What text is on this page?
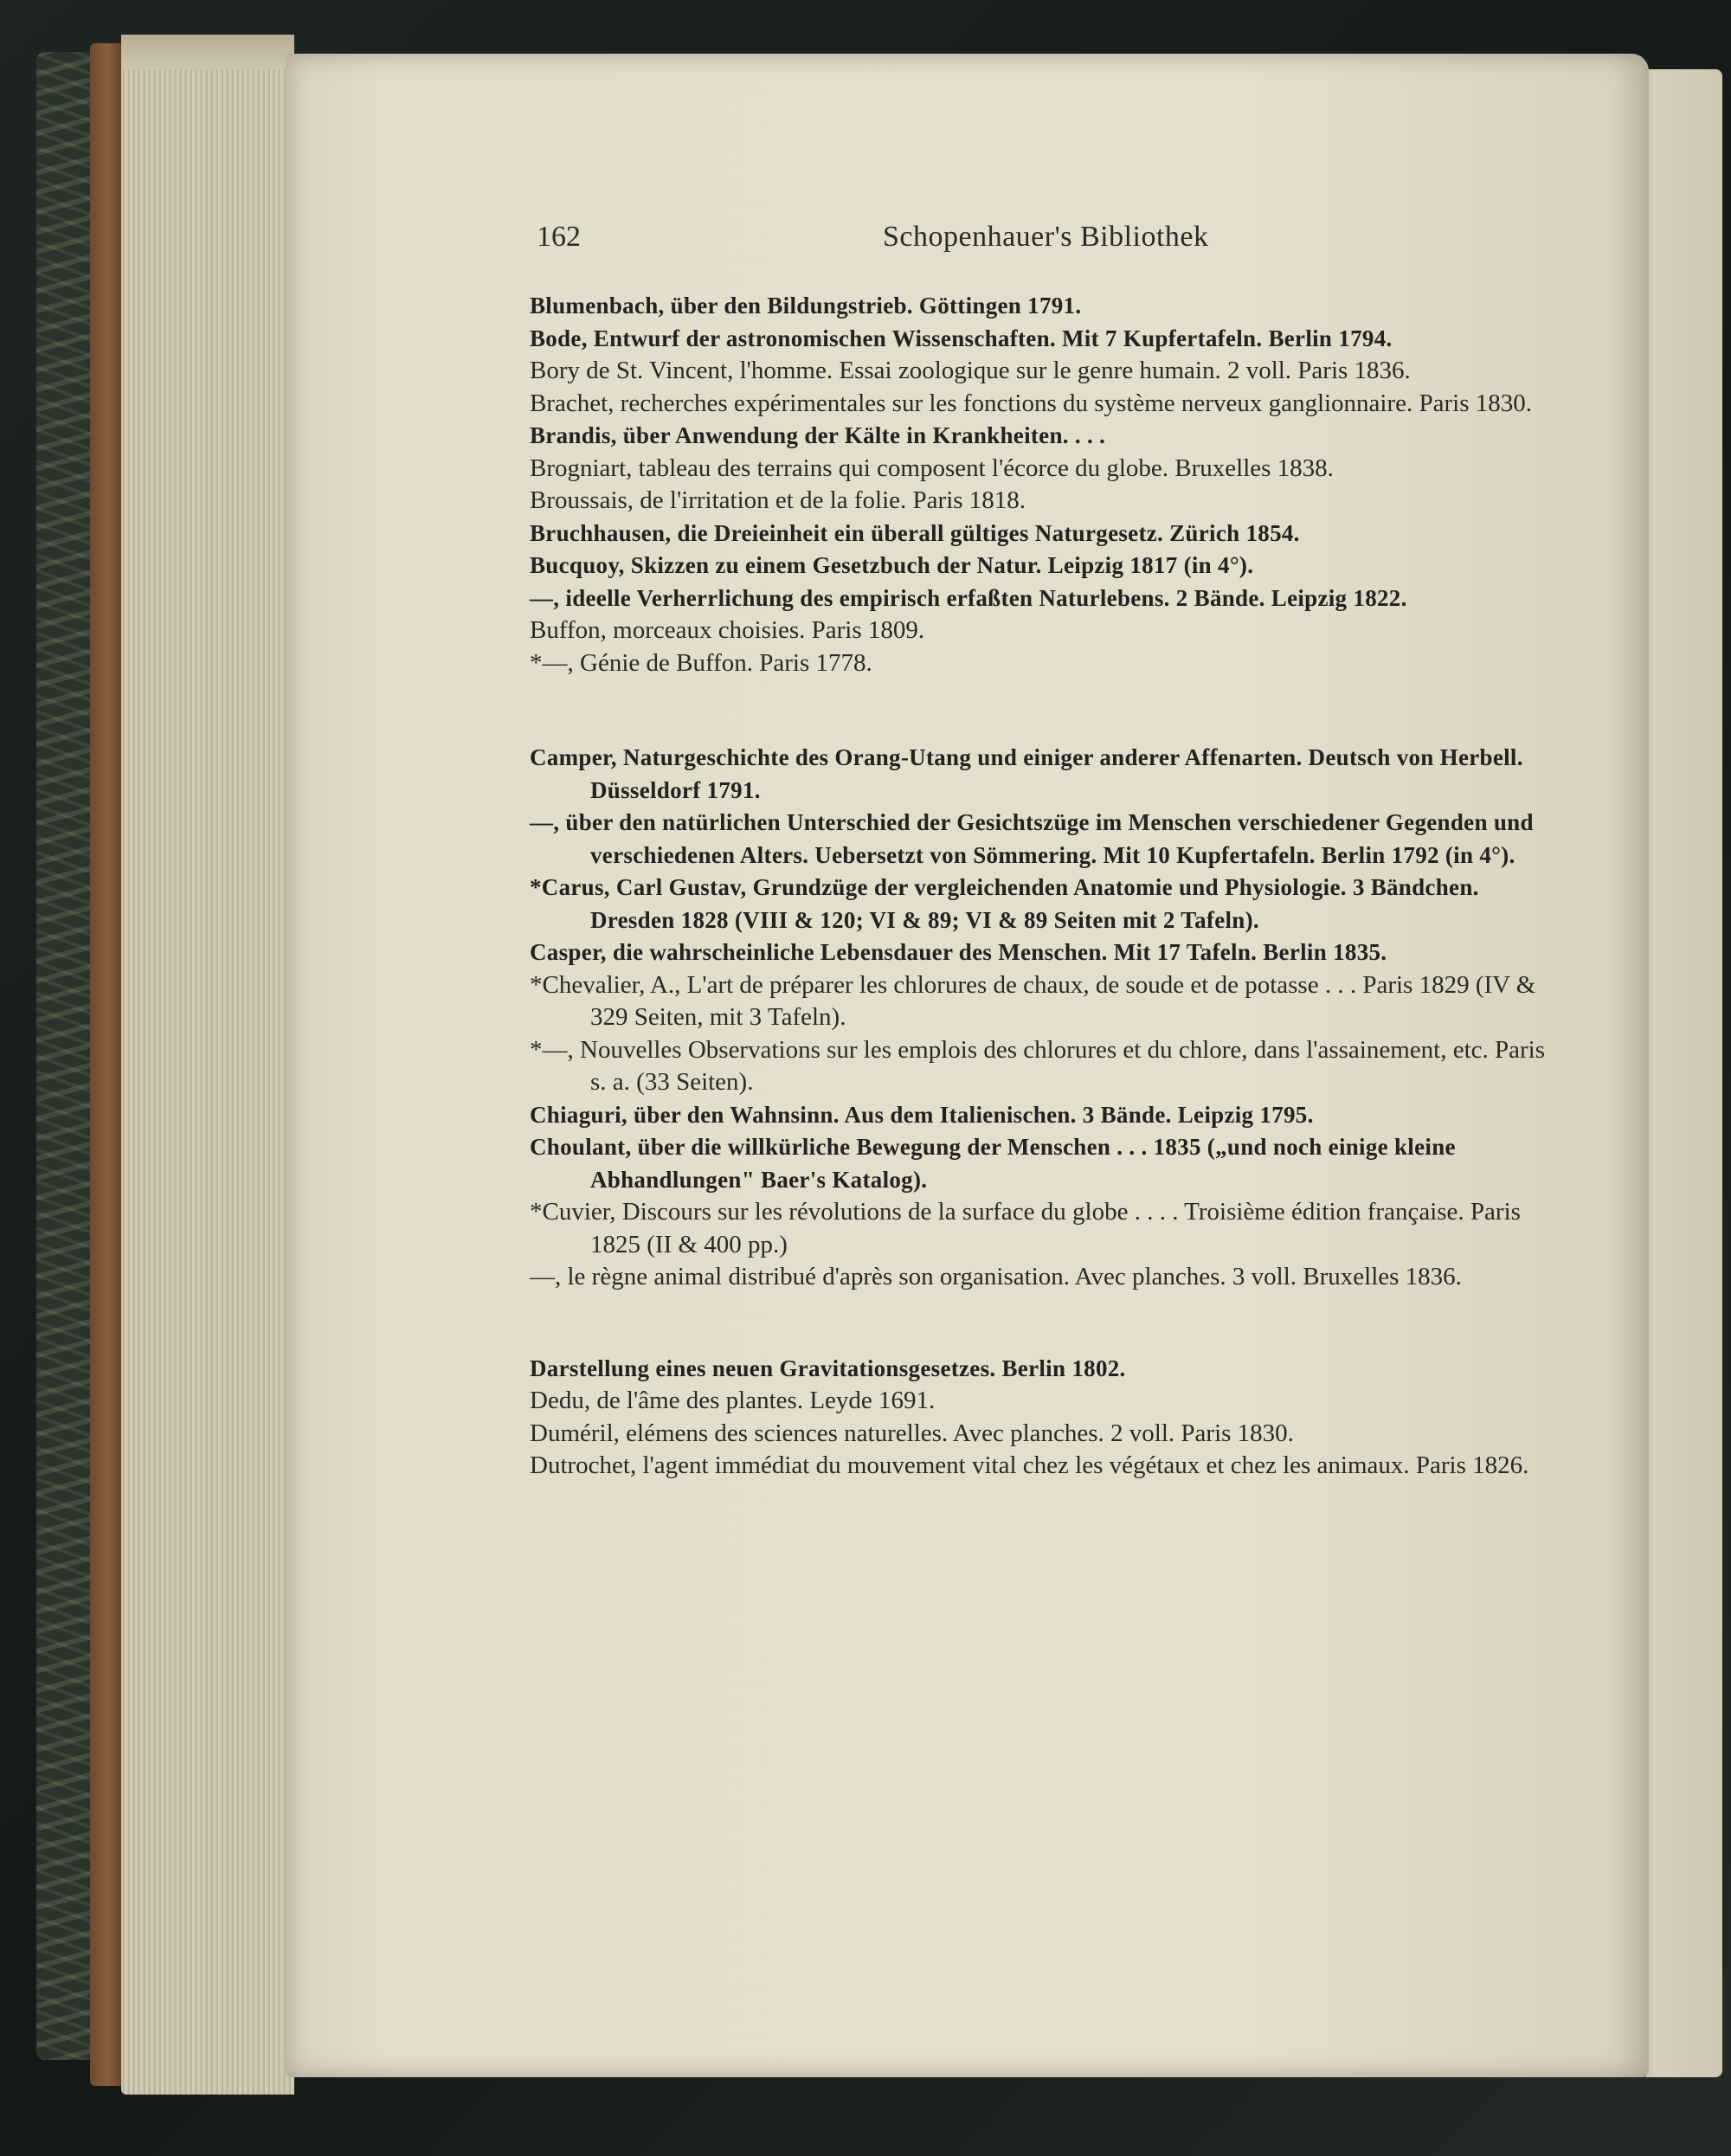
162	Schopenhauer's Bibliothek

Blumenbach, über den Bildungstrieb. Göttingen 1791.

Bode, Entwurf der astronomischen Wissenschaften. Mit 7 Kupfertafeln. Berlin 1794.

Bory de St. Vincent, l'homme. Essai zoologique sur le genre humain. 2 voll. Paris 1836.

Brachet, recherches expérimentales sur les fonctions du système nerveux ganglionnaire. Paris 1830.

Brandis, über Anwendung der Kälte in Krankheiten. . . .

Brogniart, tableau des terrains qui composent l'écorce du globe. Bruxelles 1838.

Broussais, de l'irritation et de la folie. Paris 1818.

Bruchhausen, die Dreieinheit ein überall gültiges Naturgesetz. Zürich 1854.

Bucquoy, Skizzen zu einem Gesetzbuch der Natur. Leipzig 1817 (in 4°).

—, ideelle Verherrlichung des empirisch erfaßten Naturlebens. 2 Bände. Leipzig 1822.

Buffon, morceaux choisies. Paris 1809.

*—, Génie de Buffon. Paris 1778.

Camper, Naturgeschichte des Orang-Utang und einiger anderer Affenarten. Deutsch von Herbell. Düsseldorf 1791.

—, über den natürlichen Unterschied der Gesichtszüge im Menschen verschiedener Gegenden und verschiedenen Alters. Uebersetzt von Sömmering. Mit 10 Kupfertafeln. Berlin 1792 (in 4°).

*Carus, Carl Gustav, Grundzüge der vergleichenden Anatomie und Physiologie. 3 Bändchen. Dresden 1828 (VIII & 120; VI & 89; VI & 89 Seiten mit 2 Tafeln).

Casper, die wahrscheinliche Lebensdauer des Menschen. Mit 17 Tafeln. Berlin 1835.

*Chevalier, A., L'art de préparer les chlorures de chaux, de soude et de potasse . . . Paris 1829 (IV & 329 Seiten, mit 3 Tafeln).

*—, Nouvelles Observations sur les emplois des chlorures et du chlore, dans l'assainement, etc. Paris s. a. (33 Seiten).

Chiaguri, über den Wahnsinn. Aus dem Italienischen. 3 Bände. Leipzig 1795.

Choulant, über die willkürliche Bewegung der Menschen . . . 1835 („und noch einige kleine Abhandlungen" Baer's Katalog).

*Cuvier, Discours sur les révolutions de la surface du globe . . . . Troisième édition française. Paris 1825 (II & 400 pp.)

—, le règne animal distribué d'après son organisation. Avec planches. 3 voll. Bruxelles 1836.

Darstellung eines neuen Gravitationsgesetzes. Berlin 1802.

Dedu, de l'âme des plantes. Leyde 1691.

Duméril, elémens des sciences naturelles. Avec planches. 2 voll. Paris 1830.

Dutrochet, l'agent immédiat du mouvement vital chez les végétaux et chez les animaux. Paris 1826.
